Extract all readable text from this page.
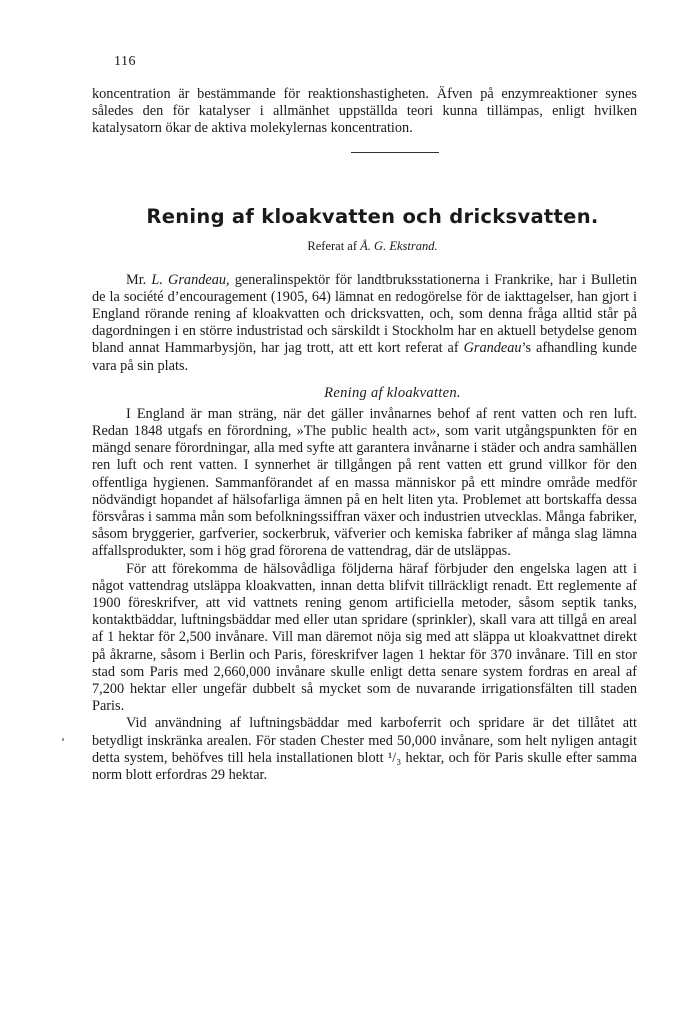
116

koncentration är bestämmande för reaktionshastigheten. Äfven på enzymreaktioner synes således den för katalyser i allmänhet uppställda teori kunna tillämpas, enligt hvilken katalysatorn ökar de aktiva molekylernas koncentration.

Rening af kloakvatten och dricksvatten.
Referat af Å. G. Ekstrand.

Mr. L. Grandeau, generalinspektör för landtbruksstationerna i Frankrike, har i Bulletin de la société d’encouragement (1905, 64) lämnat en redogörelse för de iakttagelser, han gjort i England rörande rening af kloakvatten och dricksvatten, och, som denna fråga alltid står på dagordningen i en större industristad och särskildt i Stockholm har en aktuell betydelse genom bland annat Hammarbysjön, har jag trott, att ett kort referat af Grandeau’s afhandling kunde vara på sin plats.

Rening af kloakvatten.

I England är man sträng, när det gäller invånarnes behof af rent vatten och ren luft. Redan 1848 utgafs en förordning, »The public health act», som varit utgångspunkten för en mängd senare förordningar, alla med syfte att garantera invånarne i städer och andra samhällen ren luft och rent vatten. I synnerhet är tillgången på rent vatten ett grund villkor för den offentliga hygienen. Sammanförandet af en massa människor på ett mindre område medför nödvändigt hopandet af hälsofarliga ämnen på en helt liten yta. Problemet att bortskaffa dessa försvåras i samma mån som befolkningssiffran växer och industrien utvecklas. Många fabriker, såsom bryggerier, garfverier, sockerbruk, väfverier och kemiska fabriker af många slag lämna affallsprodukter, som i hög grad förorena de vattendrag, där de utsläppas.

För att förekomma de hälsovådliga följderna häraf förbjuder den engelska lagen att i något vattendrag utsläppa kloakvatten, innan detta blifvit tillräckligt renadt. Ett reglemente af 1900 föreskrifver, att vid vattnets rening genom artificiella metoder, såsom septik tanks, kontaktbäddar, luftningsbäddar med eller utan spridare (sprinkler), skall vara att tillgå en areal af 1 hektar för 2,500 invånare. Vill man däremot nöja sig med att släppa ut kloakvattnet direkt på åkrarne, såsom i Berlin och Paris, föreskrifver lagen 1 hektar för 370 invånare. Till en stor stad som Paris med 2,660,000 invånare skulle enligt detta senare system fordras en areal af 7,200 hektar eller ungefär dubbelt så mycket som de nuvarande irrigationsfälten till staden Paris.

Vid användning af luftningsbäddar med karboferrit och spridare är det tillåtet att betydligt inskränka arealen. För staden Chester med 50,000 invånare, som helt nyligen antagit detta system, behöfves till hela installationen blott ¹/₃ hektar, och för Paris skulle efter samma norm blott erfordras 29 hektar.
